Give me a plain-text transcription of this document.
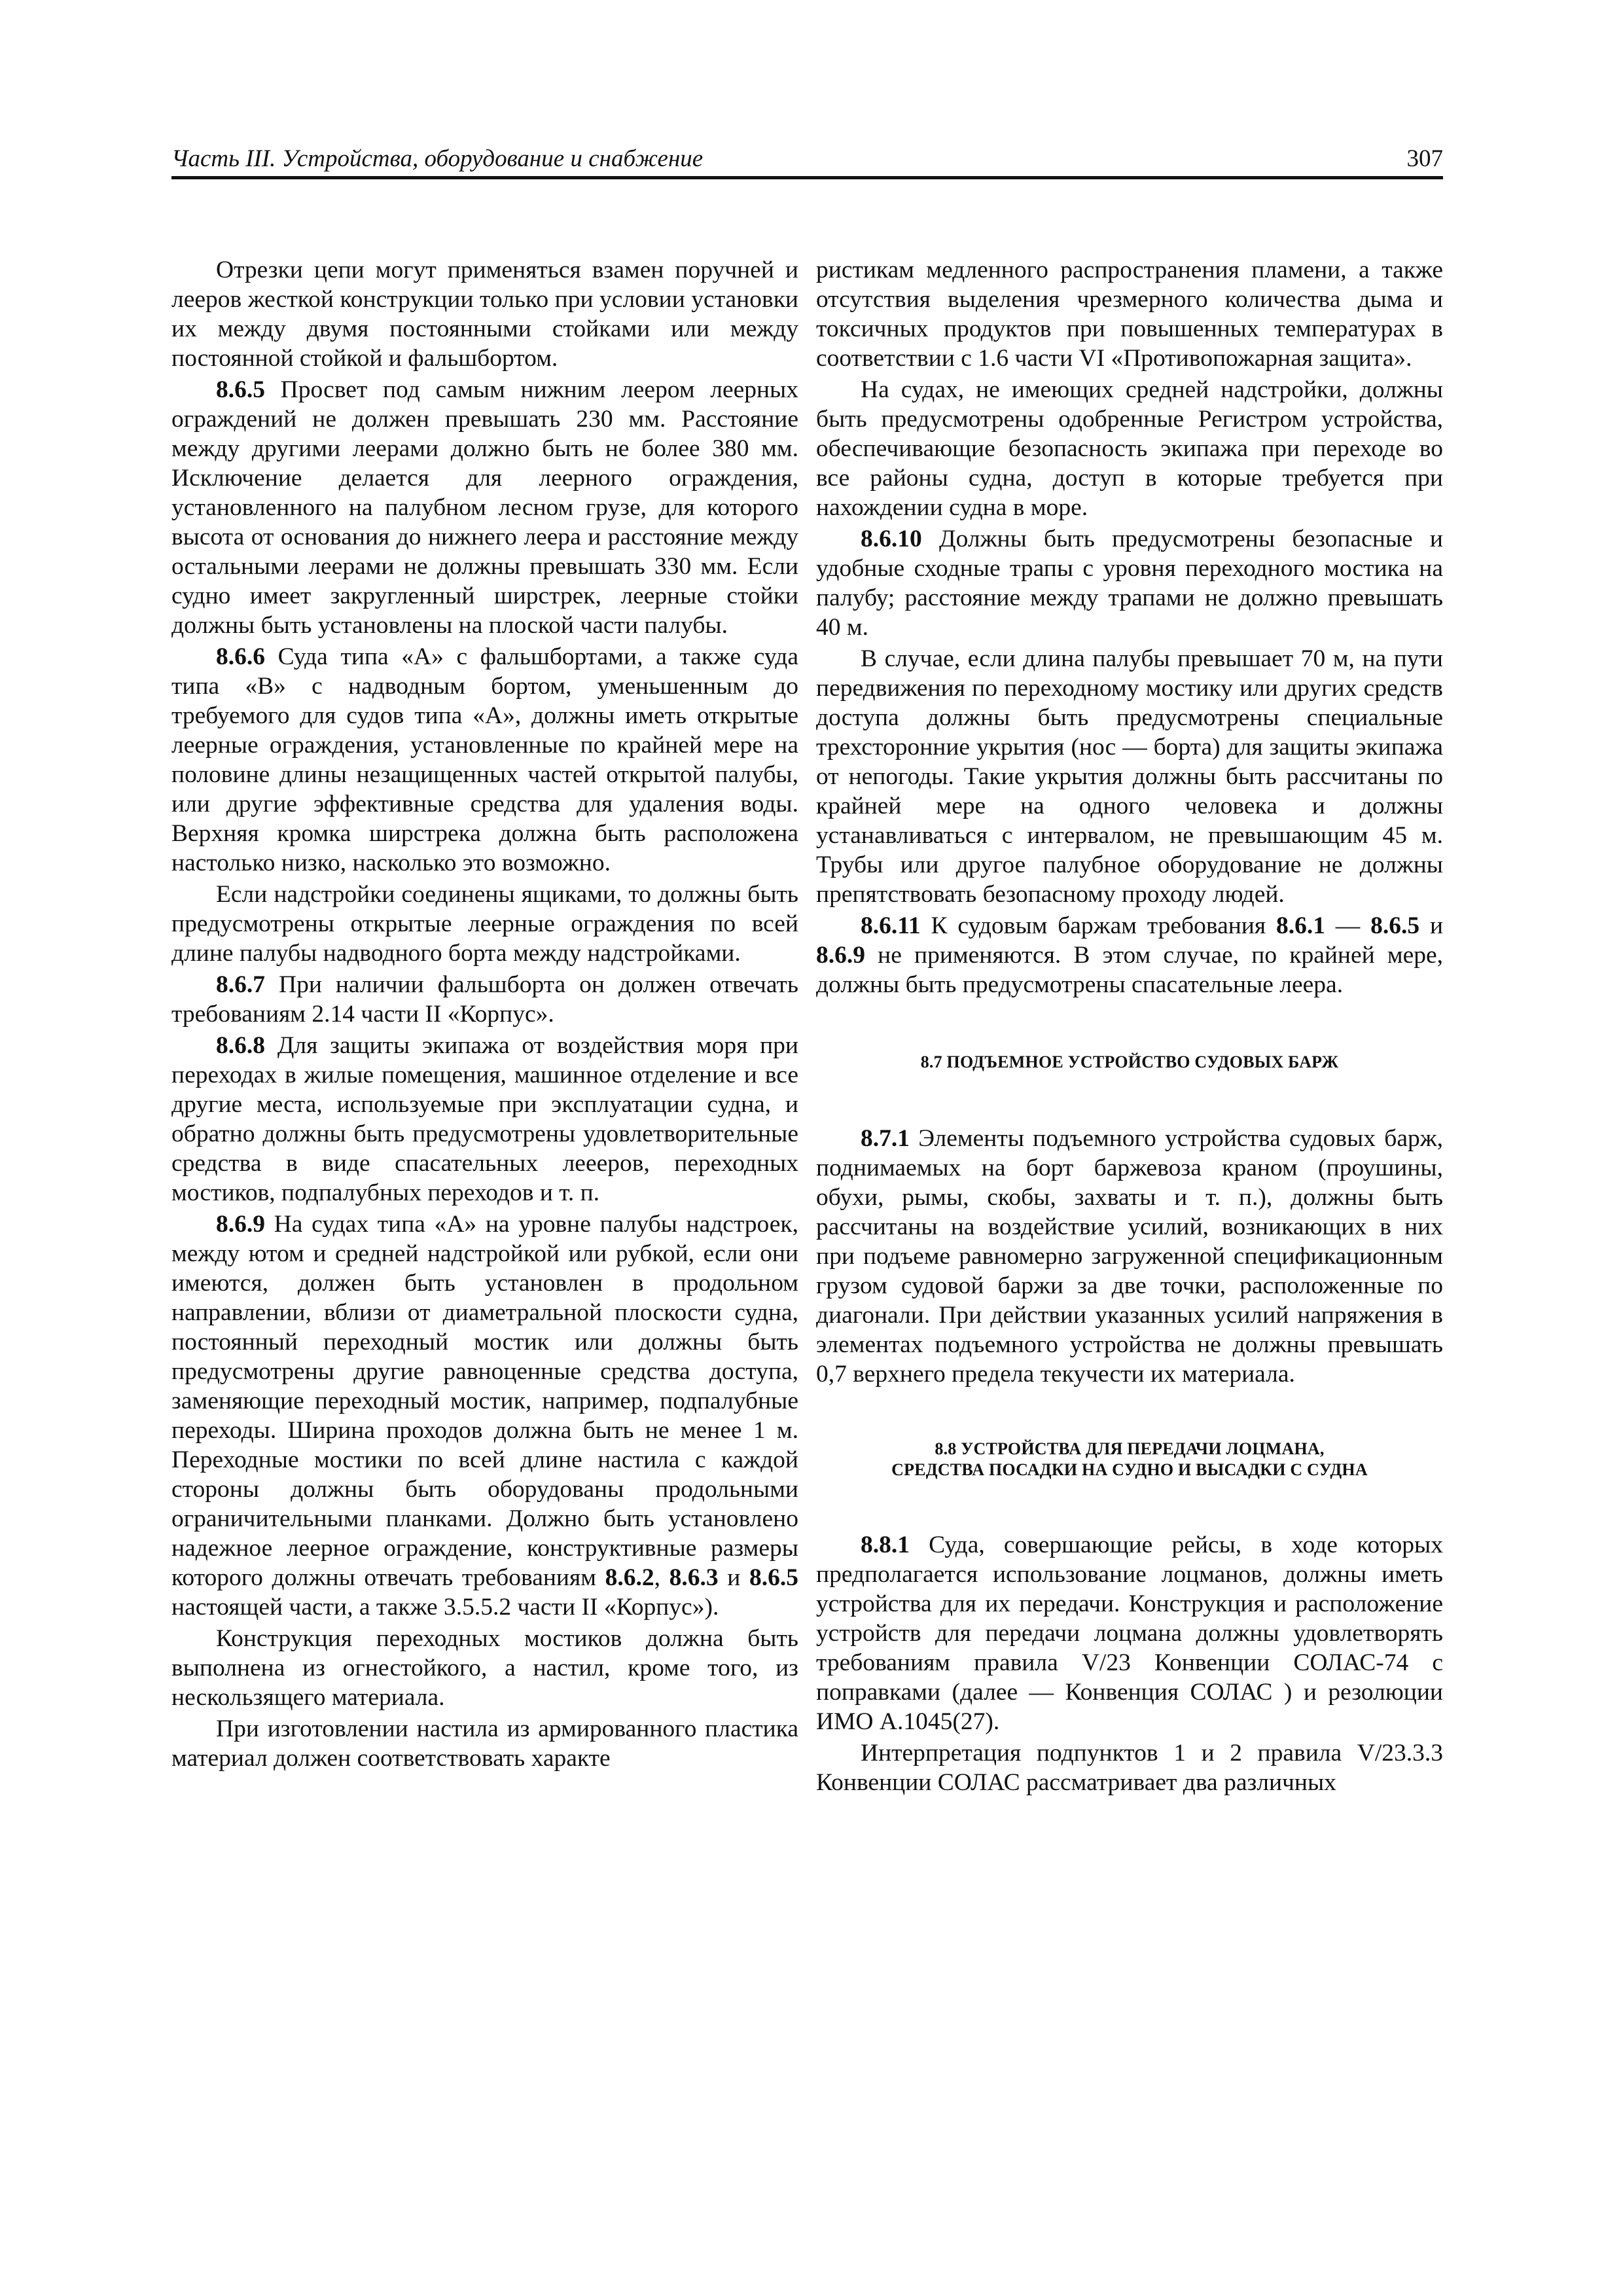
Часть III. Устройства, оборудование и снабжение	307

Отрезки цепи могут применяться взамен поручней и леeров жесткой конструкции только при условии установки их между двумя постоянными стойками или между постоянной стойкой и фальшбортом.

8.6.5 Просвет под самым нижним леером леерных ограждений не должен превышать 230 мм. Расстояние между другими леерами должно быть не более 380 мм. Исключение делается для леерного ограждения, установленного на палубном лесном грузе, для которого высота от основания до нижнего леера и расстояние между остальными леерами не должны превышать 330 мм. Если судно имеет закругленный ширстрек, леерные стойки должны быть установлены на плоской части палубы.

8.6.6 Суда типа «А» с фальшбортами, а также суда типа «В» с надводным бортом, уменьшенным до требуемого для судов типа «А», должны иметь открытые леерные ограждения, установленные по крайней мере на половине длины незащищенных частей открытой палубы, или другие эффективные средства для удаления воды. Верхняя кромка ширстрека должна быть расположена настолько низко, насколько это возможно.

Если надстройки соединены ящиками, то должны быть предусмотрены открытые леерные ограждения по всей длине палубы надводного борта между надстройками.

8.6.7 При наличии фальшборта он должен отвечать требованиям 2.14 части II «Корпус».

8.6.8 Для защиты экипажа от воздействия моря при переходах в жилые помещения, машинное отделение и все другие места, используемые при эксплуатации судна, и обратно должны быть предусмотрены удовлетворительные средства в виде спасательных леееров, переходных мостиков, подпалубных переходов и т. п.

8.6.9 На судах типа «А» на уровне палубы надстроек, между ютом и средней надстройкой или рубкой, если они имеются, должен быть установлен в продольном направлении, вблизи от диаметральной плоскости судна, постоянный переходный мостик или должны быть предусмотрены другие равноценные средства доступа, заменяющие переходный мостик, например, подпалубные переходы. Ширина проходов должна быть не менее 1 м. Переходные мостики по всей длине настила с каждой стороны должны быть оборудованы продольными ограничительными планками. Должно быть установлено надежное леерное ограждение, конструктивные размеры которого должны отвечать требованиям 8.6.2, 8.6.3 и 8.6.5 настоящей части, а также 3.5.5.2 части II «Корпус»).

Конструкция переходных мостиков должна быть выполнена из огнестойкого, а настил, кроме того, из нескользящего материала.

При изготовлении настила из армированного пластика материал должен соответствовать характе

ристикам медленного распространения пламени, а также отсутствия выделения чрезмерного количества дыма и токсичных продуктов при повышенных температурах в соответствии с 1.6 части VI «Противопожарная защита».

На судах, не имеющих средней надстройки, должны быть предусмотрены одобренные Регистром устройства, обеспечивающие безопасность экипажа при переходе во все районы судна, доступ в которые требуется при нахождении судна в море.

8.6.10 Должны быть предусмотрены безопасные и удобные сходные трапы с уровня переходного мостика на палубу; расстояние между трапами не должно превышать 40 м.

В случае, если длина палубы превышает 70 м, на пути передвижения по переходному мостику или других средств доступа должны быть предусмотрены специальные трехсторонние укрытия (нос — борта) для защиты экипажа от непогоды. Такие укрытия должны быть рассчитаны по крайней мере на одного человека и должны устанавливаться с интервалом, не превышающим 45 м. Трубы или другое палубное оборудование не должны препятствовать безопасному проходу людей.

8.6.11 К судовым баржам требования 8.6.1 — 8.6.5 и 8.6.9 не применяются. В этом случае, по крайней мере, должны быть предусмотрены спасательные леера.

8.7 ПОДЪЕМНОЕ УСТРОЙСТВО СУДОВЫХ БАРЖ

8.7.1 Элементы подъемного устройства судовых барж, поднимаемых на борт баржевоза краном (проушины, обухи, рымы, скобы, захваты и т. п.), должны быть рассчитаны на воздействие усилий, возникающих в них при подъеме равномерно загруженной спецификационным грузом судовой баржи за две точки, расположенные по диагонали. При действии указанных усилий напряжения в элементах подъемного устройства не должны превышать 0,7 верхнего предела текучести их материала.

8.8 УСТРОЙСТВА ДЛЯ ПЕРЕДАЧИ ЛОЦМАНА,
СРЕДСТВА ПОСАДКИ НА СУДНО И ВЫСАДКИ С СУДНА

8.8.1 Суда, совершающие рейсы, в ходе которых предполагается использование лоцманов, должны иметь устройства для их передачи. Конструкция и расположение устройств для передачи лоцмана должны удовлетворять требованиям правила V/23 Конвенции СОЛАС-74 с поправками (далее — Конвенция СОЛАС ) и резолюции ИМО А.1045(27).

Интерпретация подпунктов 1 и 2 правила V/23.3.3 Конвенции СОЛАС рассматривает два различных
